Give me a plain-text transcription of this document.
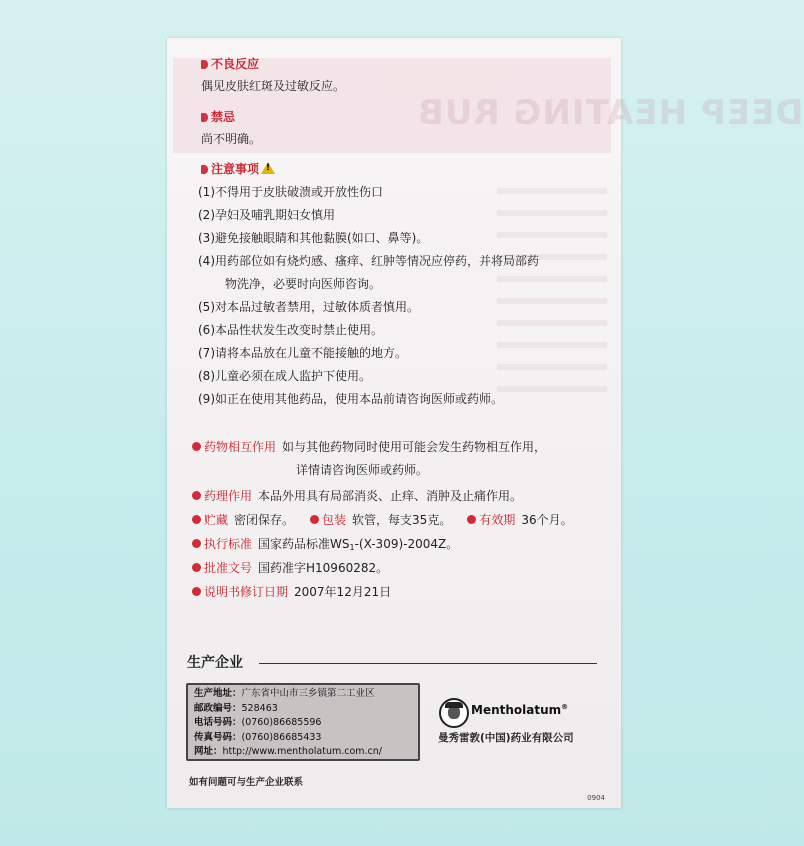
DEEP HEATING RUB
不良反应
偶见皮肤红斑及过敏反应。
禁忌
尚不明确。
注意事项!
(1)不得用于皮肤破溃或开放性伤口
(2)孕妇及哺乳期妇女慎用
(3)避免接触眼睛和其他黏膜(如口、鼻等)。
(4)用药部位如有烧灼感、瘙痒、红肿等情况应停药，并将局部药
物洗净，必要时向医师咨询。
(5)对本品过敏者禁用，过敏体质者慎用。
(6)本品性状发生改变时禁止使用。
(7)请将本品放在儿童不能接触的地方。
(8)儿童必须在成人监护下使用。
(9)如正在使用其他药品，使用本品前请咨询医师或药师。
药物相互作用 如与其他药物同时使用可能会发生药物相互作用，
详情请咨询医师或药师。
药理作用 本品外用具有局部消炎、止痒、消肿及止痛作用。
贮藏 密闭保存。 包装 软管，每支35克。 有效期 36个月。
执行标准 国家药品标准$WS_1-(X-309)-2004Z$。
批准文号 国药准字H10960282。
说明书修订日期 2007年12月21日
生产企业
生产地址：广东省中山市三乡镇第二工业区
邮政编号：528463
电话号码：(0760)86685596
传真号码：(0760)86685433
网址：http://www.mentholatum.com.cn/
Mentholatum®
曼秀雷敦(中国)药业有限公司
如有问题可与生产企业联系
0904
